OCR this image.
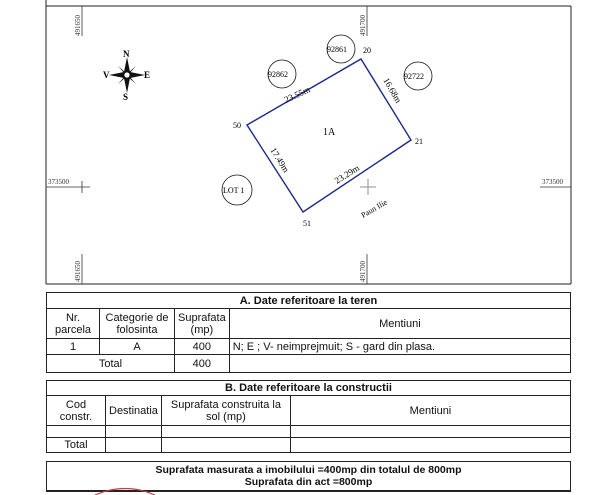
491650	491700
491650	491700
373500	373500
N
E
S
V
1A
20
21
50
51
23.55m	16.68m
23.29m
17.49m
92861
92862	92722
LOT 1
Paun Ilie
A. Date referitoare la teren			
Nr. parcela	Categorie de folosinta	Suprafata (mp)	Mentiuni
1	A	400	N; E ; V- neimprejmuit; S - gard din plasa.
Total		400	
B. Date referitoare la constructii			
Cod constr.	Destinatia	Suprafata construita la sol (mp)	Mentiuni

Total			
Suprafata masurata a imobilului =400mp din totalul de 800mp
Suprafata din act =800mp
